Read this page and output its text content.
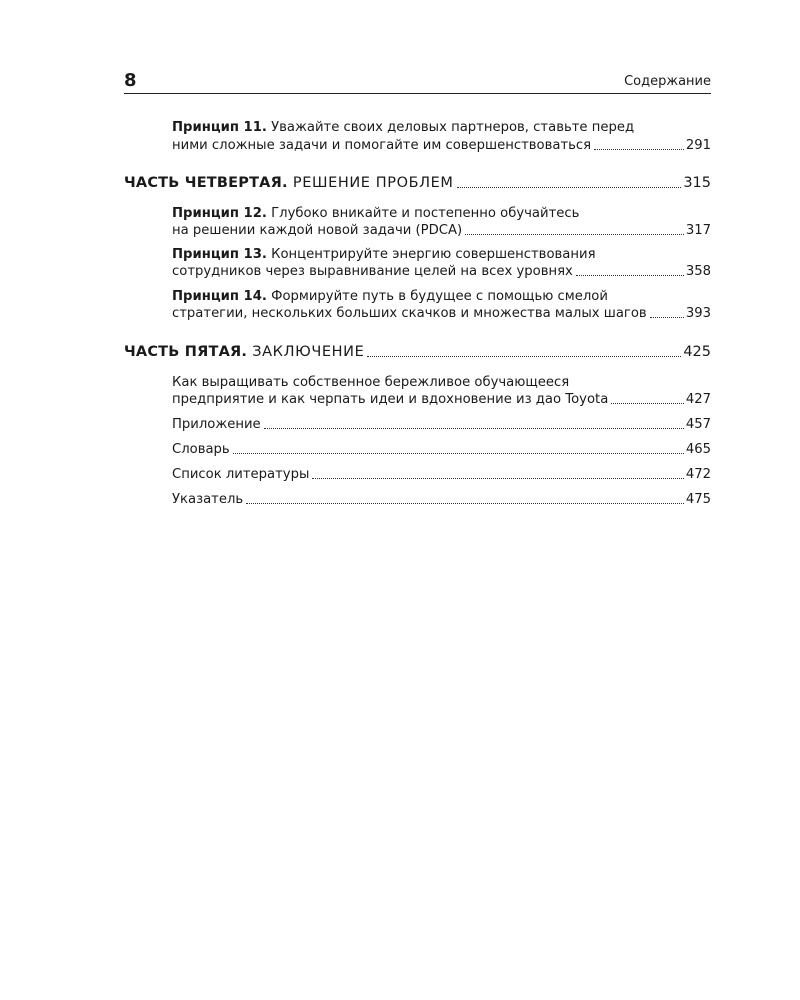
8	Содержание
Принцип 11. Уважайте своих деловых партнеров, ставьте перед
ними сложные задачи и помогайте им совершенствоваться	291
ЧАСТЬ ЧЕТВЕРТАЯ. РЕШЕНИЕ ПРОБЛЕМ	315
Принцип 12. Глубоко вникайте и постепенно обучайтесь
на решении каждой новой задачи (PDCA)	317
Принцип 13. Концентрируйте энергию совершенствования
сотрудников через выравнивание целей на всех уровнях	358
Принцип 14. Формируйте путь в будущее с помощью смелой
стратегии, нескольких больших скачков и множества малых шагов	393
ЧАСТЬ ПЯТАЯ. ЗАКЛЮЧЕНИЕ	425
Как выращивать собственное бережливое обучающееся
предприятие и как черпать идеи и вдохновение из дао Toyota	427
Приложение	457
Словарь	465
Список литературы	472
Указатель	475
